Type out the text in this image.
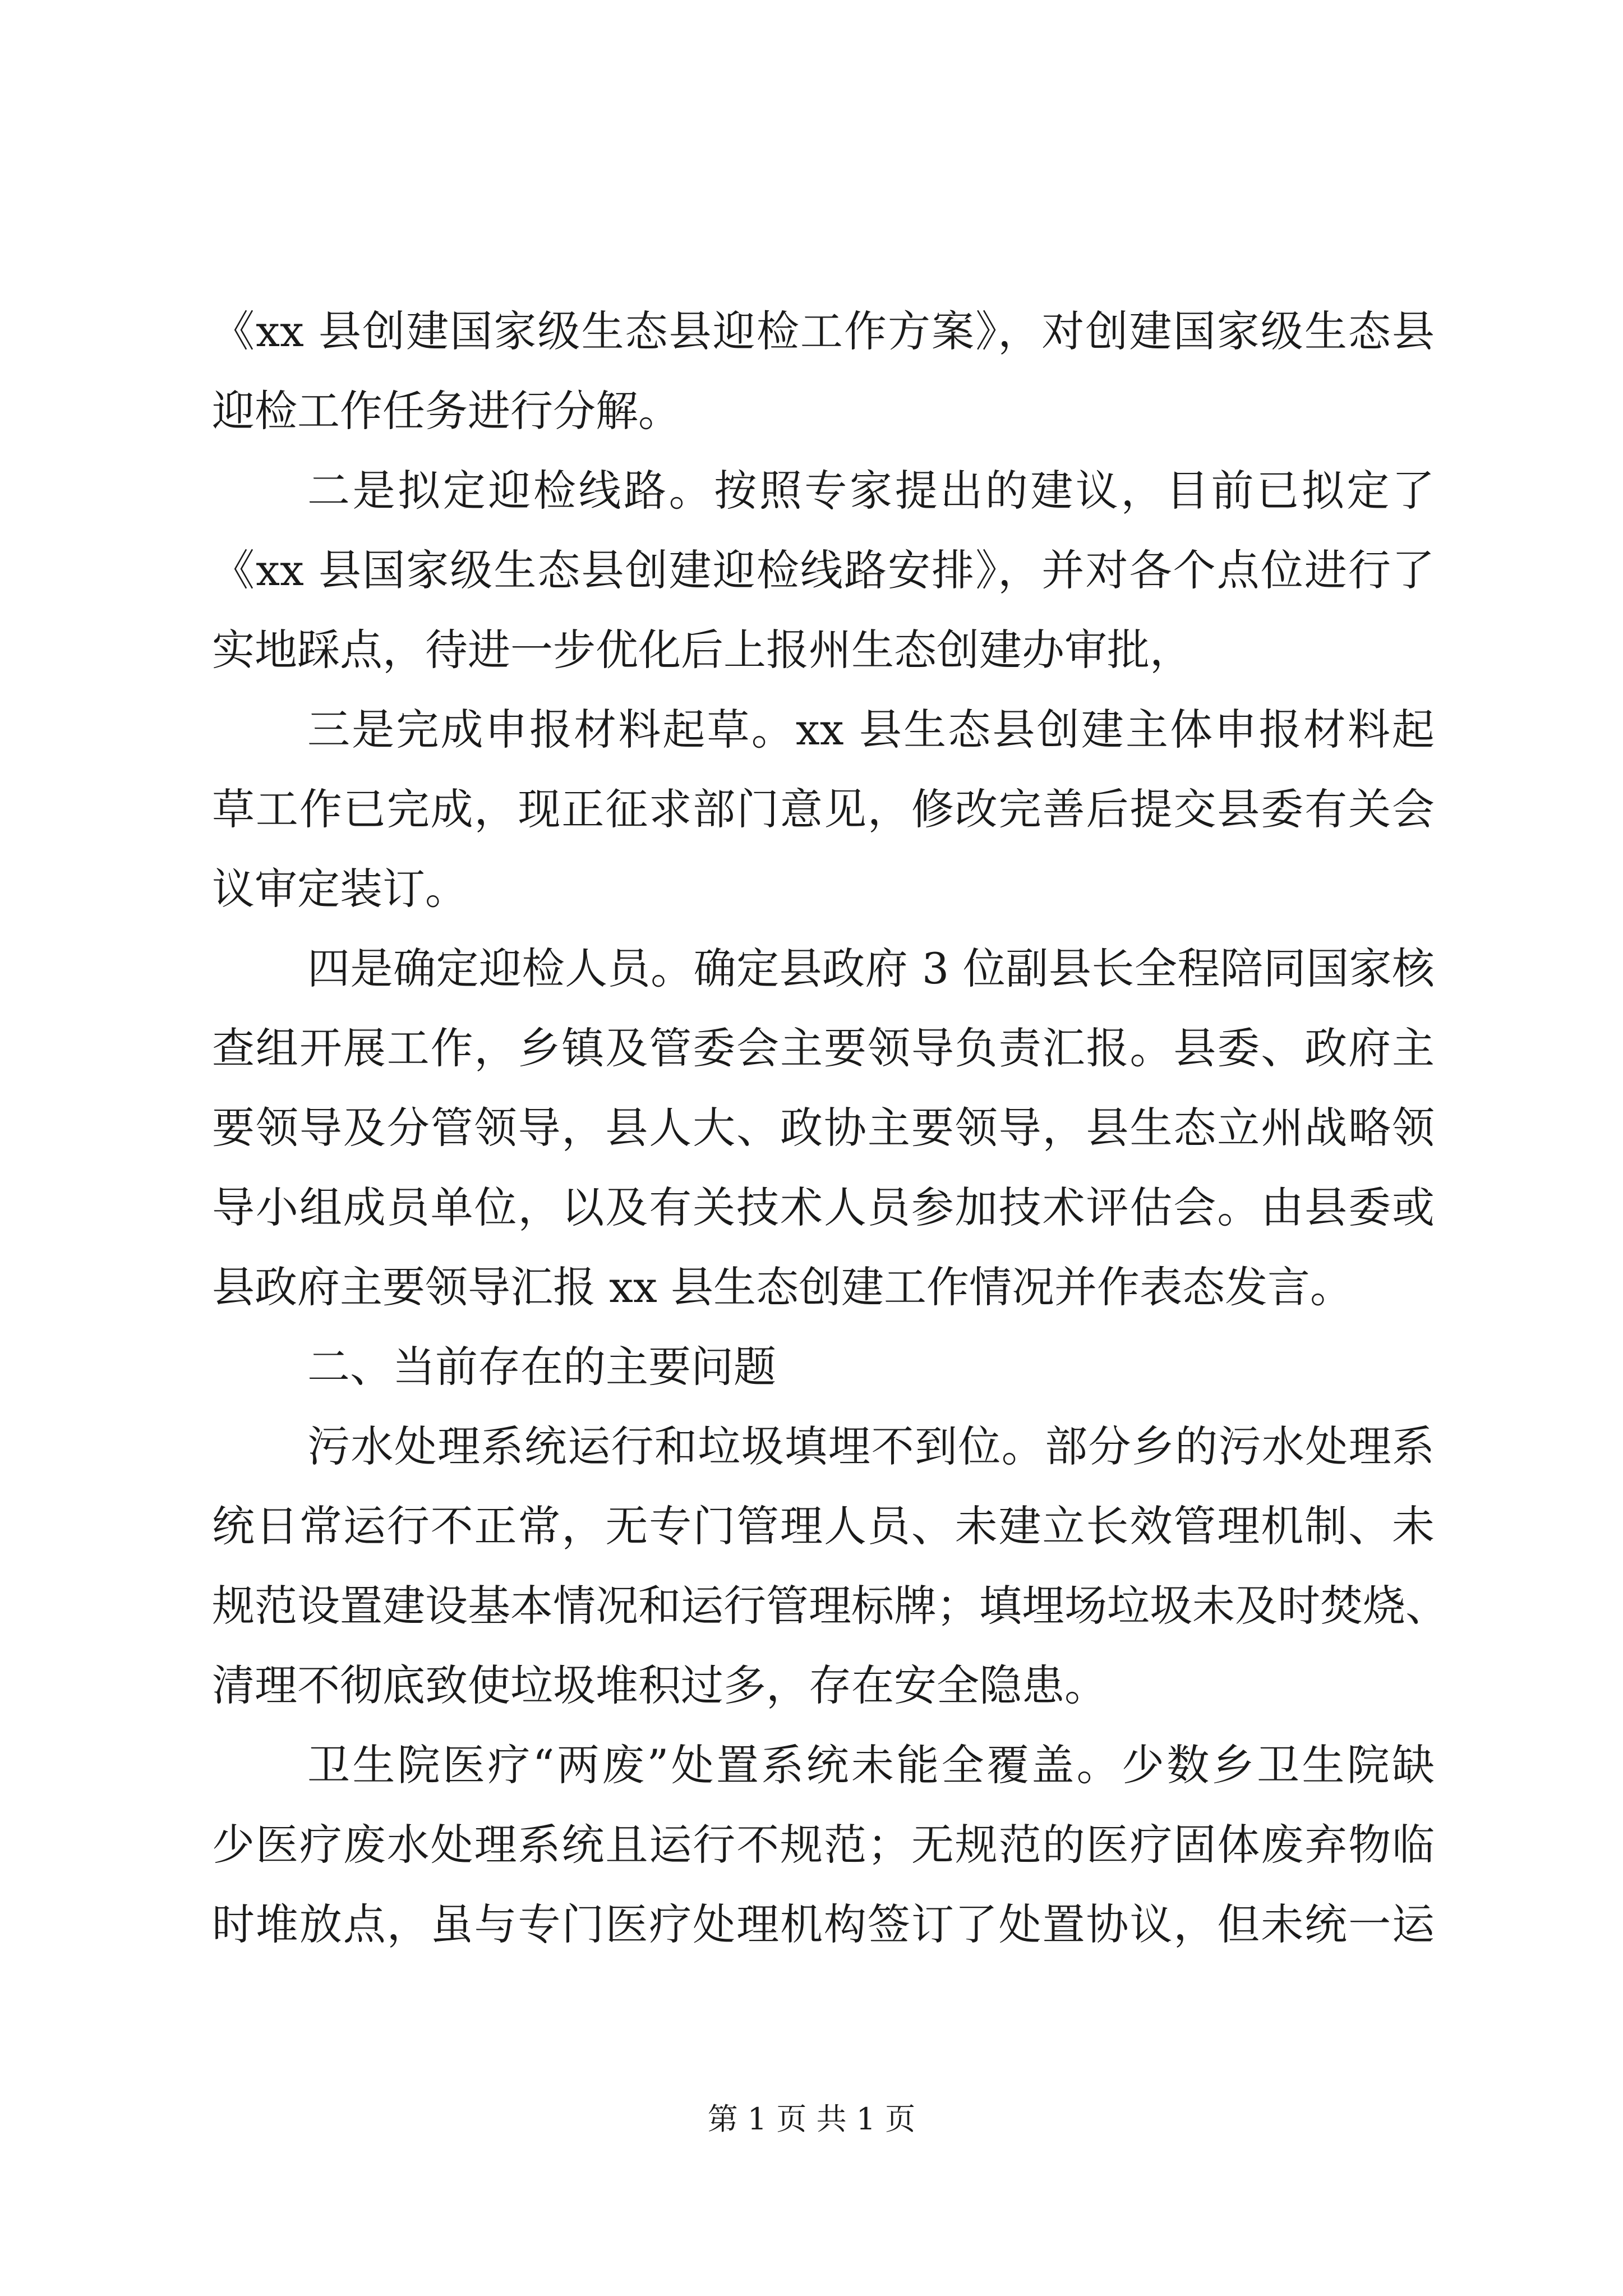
《xx 县创建国家级生态县迎检工作方案》，对创建国家级生态县
迎检工作任务进行分解。
二是拟定迎检线路。按照专家提出的建议，目前已拟定了
《xx 县国家级生态县创建迎检线路安排》，并对各个点位进行了
实地踩点，待进一步优化后上报州生态创建办审批，
三是完成申报材料起草。xx 县生态县创建主体申报材料起
草工作已完成，现正征求部门意见，修改完善后提交县委有关会
议审定装订。
四是确定迎检人员。确定县政府 3 位副县长全程陪同国家核
查组开展工作，乡镇及管委会主要领导负责汇报。县委、政府主
要领导及分管领导，县人大、政协主要领导，县生态立州战略领
导小组成员单位，以及有关技术人员参加技术评估会。由县委或
县政府主要领导汇报 xx 县生态创建工作情况并作表态发言。
二、当前存在的主要问题
污水处理系统运行和垃圾填埋不到位。部分乡的污水处理系
统日常运行不正常，无专门管理人员、未建立长效管理机制、未
规范设置建设基本情况和运行管理标牌；填埋场垃圾未及时焚烧、
清理不彻底致使垃圾堆积过多，存在安全隐患。
卫生院医疗“两废”处置系统未能全覆盖。少数乡卫生院缺
少医疗废水处理系统且运行不规范；无规范的医疗固体废弃物临
时堆放点，虽与专门医疗处理机构签订了处置协议，但未统一运
第 1 页 共 1 页
